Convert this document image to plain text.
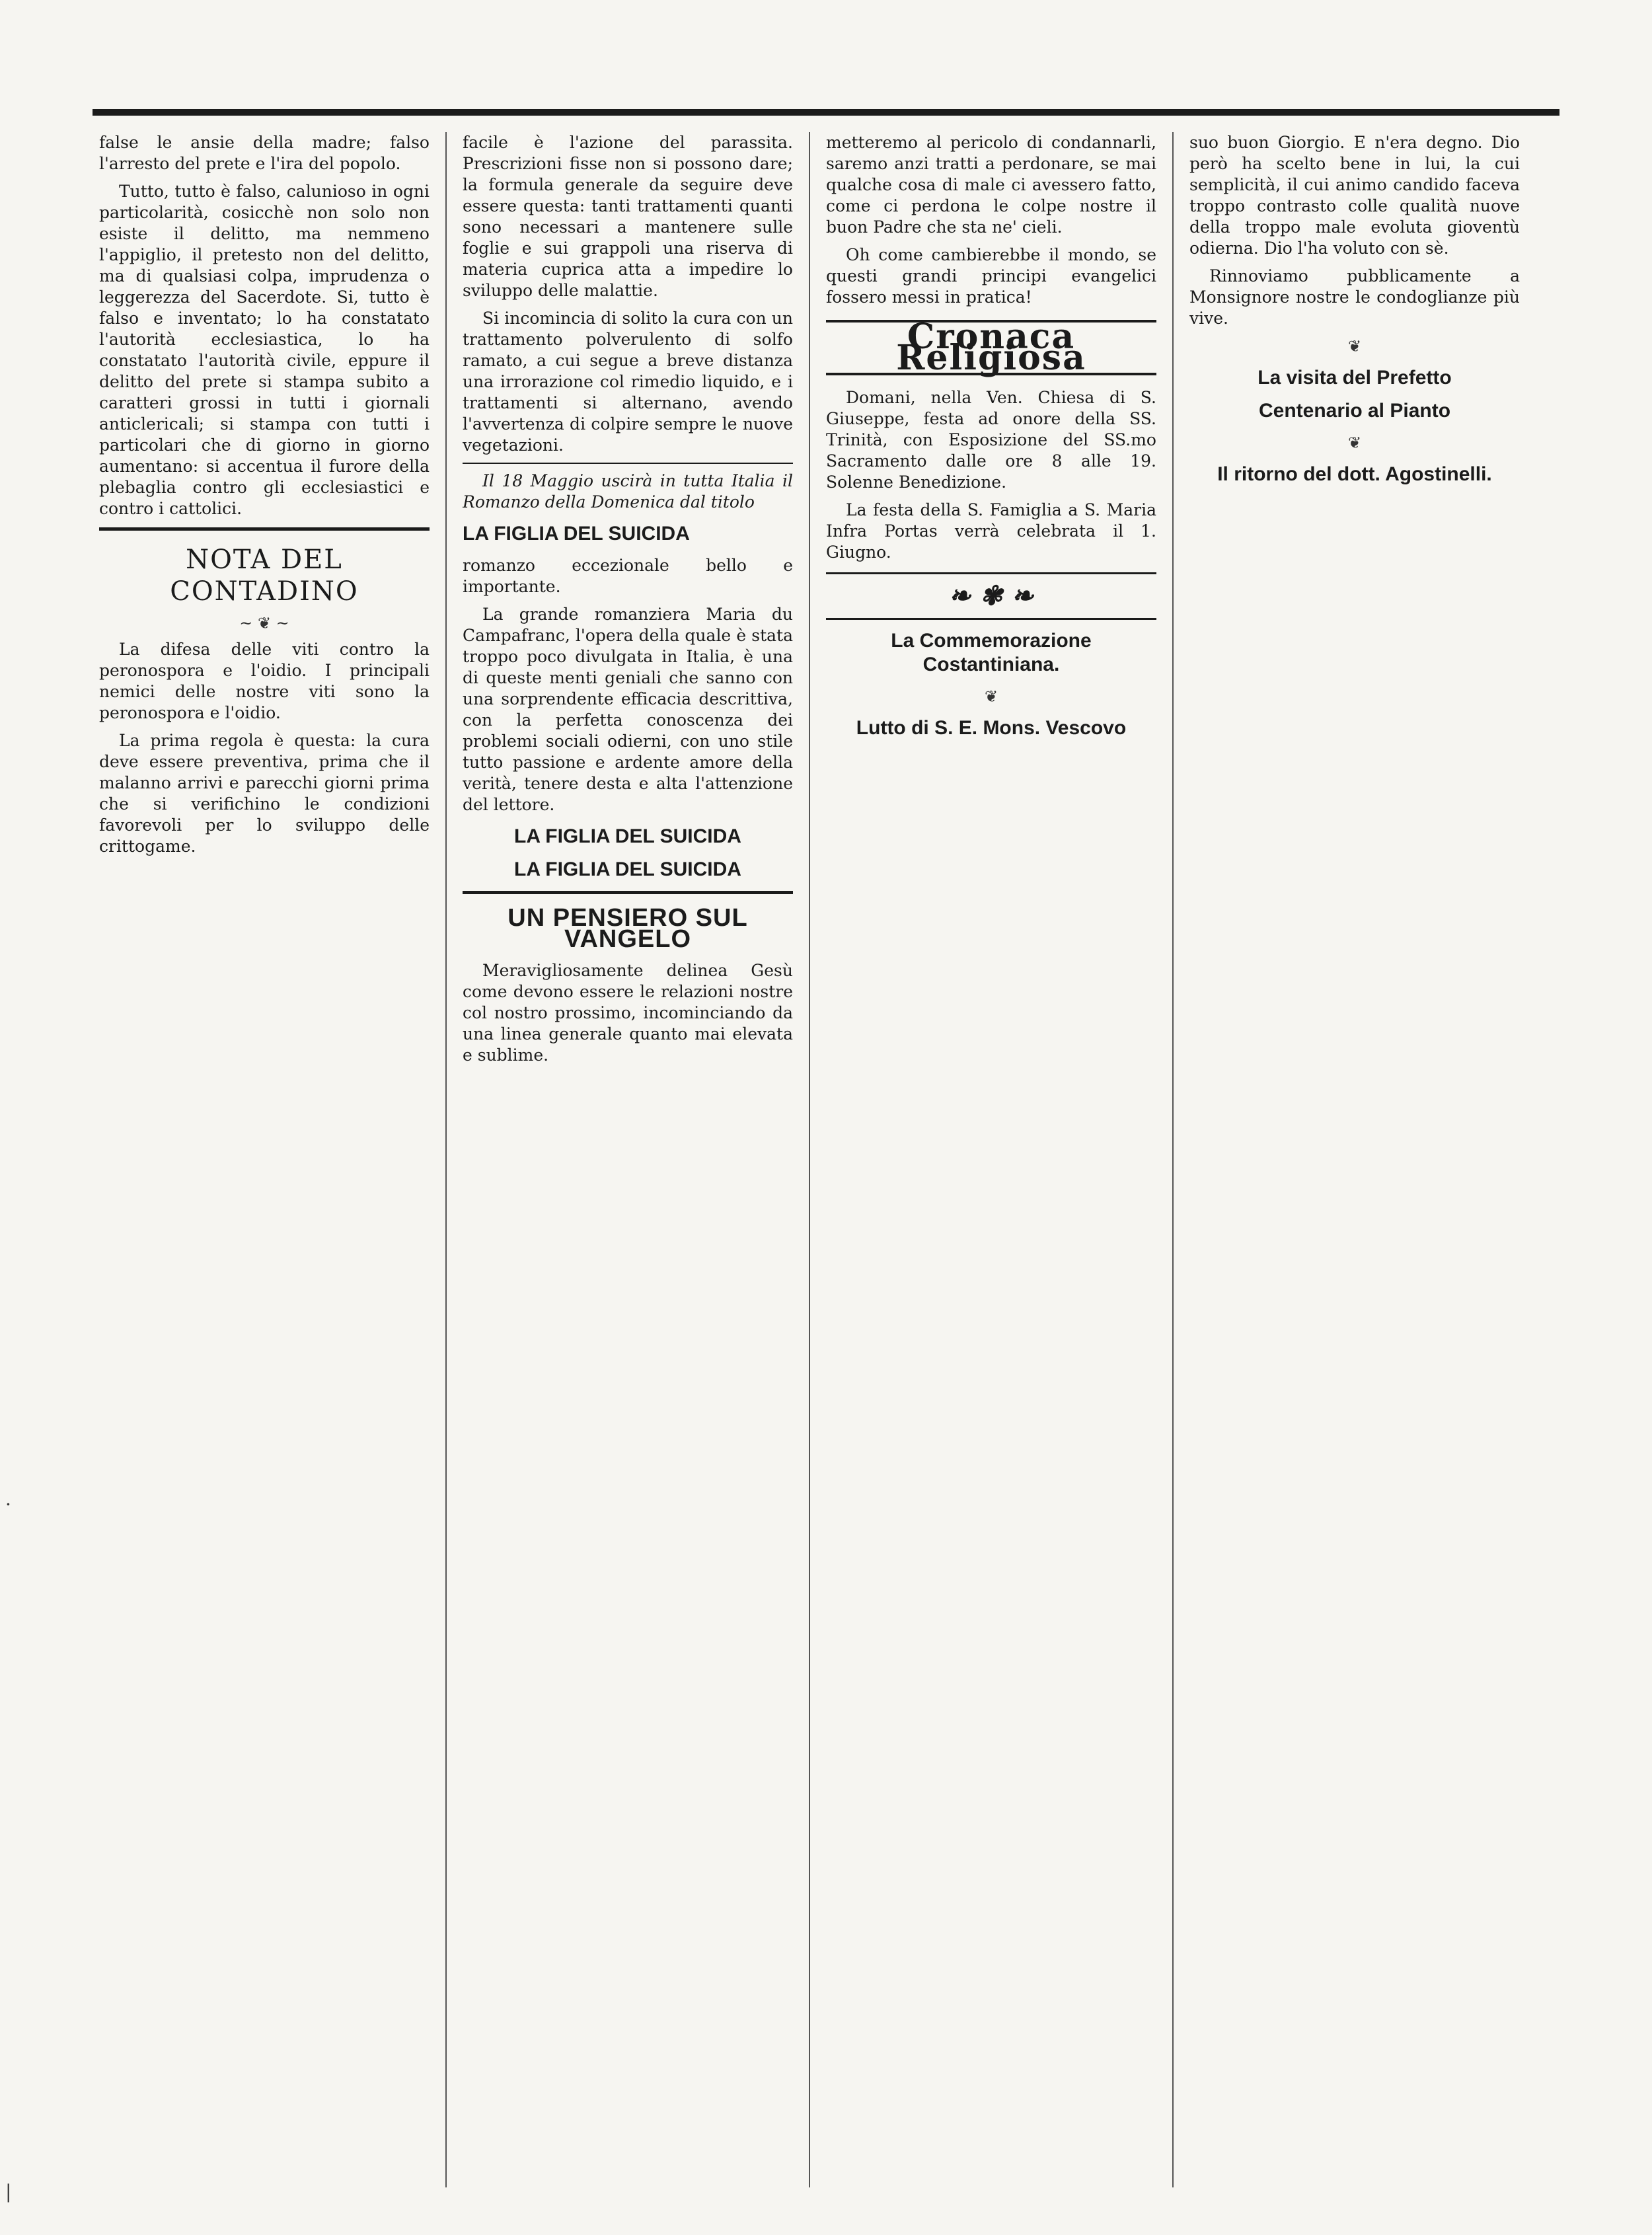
·
|

false le ansie della madre; falso l'arresto del prete e l'ira del popolo.

Tutto, tutto è falso, calunioso in ogni particolarità, cosicchè non solo non esiste il delitto, ma nemmeno l'appiglio, il pretesto non del delitto, ma di qualsiasi colpa, imprudenza o leggerezza del Sacerdote. Si, tutto è falso e inventato; lo ha constatato l'autorità ecclesiastica, lo ha constatato l'autorità civile, eppure il delitto del prete si stampa subito a caratteri grossi in tutti i giornali anticlericali; si stampa con tutti i particolari che di giorno in giorno aumentano: si accentua il furore della plebaglia contro gli ecclesiastici e contro i cattolici.

NOTA DEL CONTADINO
~ ❦ ~

La difesa delle viti contro la peronospora e l'oidio. I principali nemici delle nostre viti sono la peronospora e l'oidio.

La prima regola è questa: la cura deve essere preventiva, prima che il malanno arrivi e parecchi giorni prima che si verifichino le condizioni favorevoli per lo sviluppo delle crittogame.

facile è l'azione del parassita. Prescrizioni fisse non si possono dare; la formula generale da seguire deve essere questa: tanti trattamenti quanti sono necessari a mantenere sulle foglie e sui grappoli una riserva di materia cuprica atta a impedire lo sviluppo delle malattie.

Si incomincia di solito la cura con un trattamento polverulento di solfo ramato, a cui segue a breve distanza una irrorazione col rimedio liquido, e i trattamenti si alternano, avendo l'avvertenza di colpire sempre le nuove vegetazioni.

Il 18 Maggio uscirà in tutta Italia il Romanzo della Domenica dal titolo

LA FIGLIA DEL SUICIDA

romanzo eccezionale bello e importante.

La grande romanziera Maria du Campafranc, l'opera della quale è stata troppo poco divulgata in Italia, è una di queste menti geniali che sanno con una sorprendente efficacia descrittiva, con la perfetta conoscenza dei problemi sociali odierni, con uno stile tutto passione e ardente amore della verità, tenere desta e alta l'attenzione del lettore.

LA FIGLIA DEL SUICIDA
LA FIGLIA DEL SUICIDA
UN PENSIERO SUL VANGELO

Meravigliosamente delinea Gesù come devono essere le relazioni nostre col nostro prossimo, incominciando da una linea generale quanto mai elevata e sublime.

metteremo al pericolo di condannarli, saremo anzi tratti a perdonare, se mai qualche cosa di male ci avessero fatto, come ci perdona le colpe nostre il buon Padre che sta ne' cieli.

Oh come cambierebbe il mondo, se questi grandi principi evangelici fossero messi in pratica!

Cronaca Religiosa

Domani, nella Ven. Chiesa di S. Giuseppe, festa ad onore della SS. Trinità, con Esposizione del SS.mo Sacramento dalle ore 8 alle 19. Solenne Benedizione.

La festa della S. Famiglia a S. Maria Infra Portas verrà celebrata il 1. Giugno.

❧ ✾ ❧
La Commemorazione Costantiniana.
❦
Lutto di S. E. Mons. Vescovo

suo buon Giorgio. E n'era degno. Dio però ha scelto bene in lui, la cui semplicità, il cui animo candido faceva troppo contrasto colle qualità nuove della troppo male evoluta gioventù odierna. Dio l'ha voluto con sè.

Rinnoviamo pubblicamente a Monsignore nostre le condoglianze più vive.

❦
La visita del Prefetto
Centenario al Pianto
❦
Il ritorno del dott. Agostinelli.
